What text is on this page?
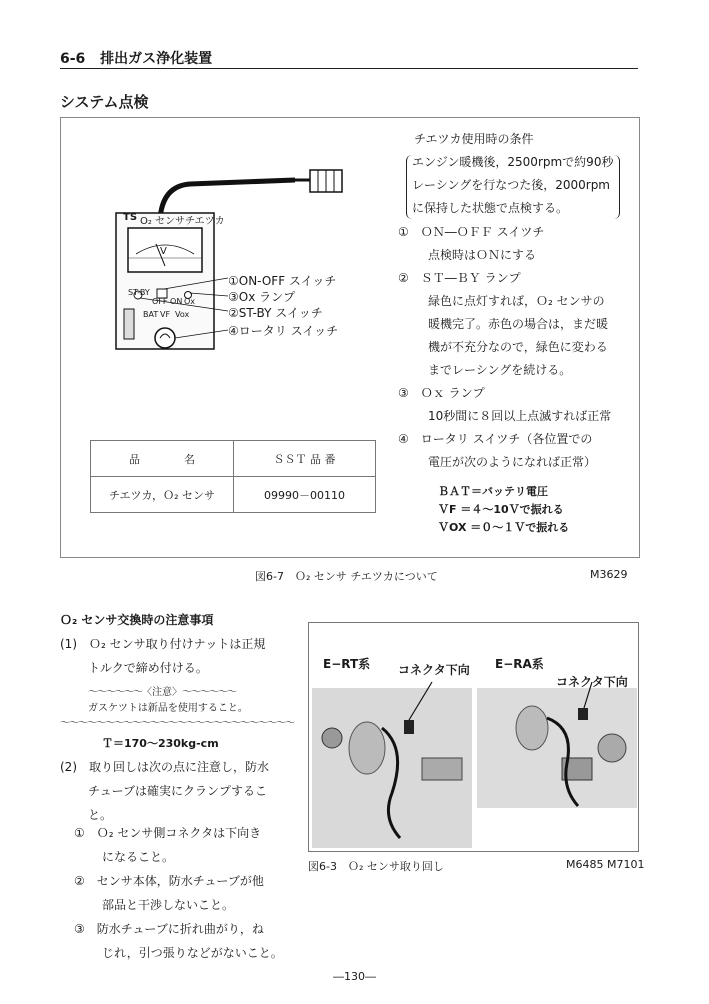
6-6 排出ガス浄化装置
システム点検
TS O₂ センサチエツカ
V
ST-BY
OFF ON Ox
BAT VF Vox
①ON-OFF スイッチ
③Ox ランプ
②ST-BY スイッチ
④ロータリ スイッチ
品　　　　名	ＳＳＴ 品 番
チエツカ，Ｏ₂ センサ	09990－00110
チエツカ使用時の条件
エンジン暖機後，2500rpmで約90秒
レーシングを行なつた後，2000rpm
に保持した状態で点検する。
①　 ＯＮ―ＯＦＦ スイツチ
点検時はＯＮにする
②　 ＳＴ―ＢＹ ランプ
緑色に点灯すれば，Ｏ₂ センサの
暖機完了。赤色の場合は，まだ暖
機が不充分なので，緑色に変わる
までレーシングを続ける。
③　 Ｏｘ ランプ
10秒間に８回以上点滅すれば正常
④　 ロータリ スイツチ（各位置での
電圧が次のようになれば正常）
ＢＡＴ＝バッテリ電圧
ＶF ＝４～10Ｖで振れる
ＶOX ＝０～１Ｖで振れる
図6-7　Ｏ₂ センサ チエツカについて	M3629
Ｏ₂ センサ交換時の注意事項
(1)　Ｏ₂ センサ取り付けナットは正規
トルクで締め付ける。
～～～～～～〈注意〉～～～～～～
ガスケツトは新品を使用すること。
～～～～～～～～～～～～～～～～～～～～～～～～～～
Ｔ＝170～230kg-cm
(2)　取り回しは次の点に注意し，防水
チューブは確実にクランプするこ
と。
①　 Ｏ₂ センサ側コネクタは下向き
になること。
②　 センサ本体，防水チューブが他
部品と干渉しないこと。
③　 防水チューブに折れ曲がり，ね
じれ，引つ張りなどがないこと。
E−RT系 コネクタ下向 E−RA系
コネクタ下向
図6-3　Ｏ₂ センサ取り回し	M6485 M7101
―130―
